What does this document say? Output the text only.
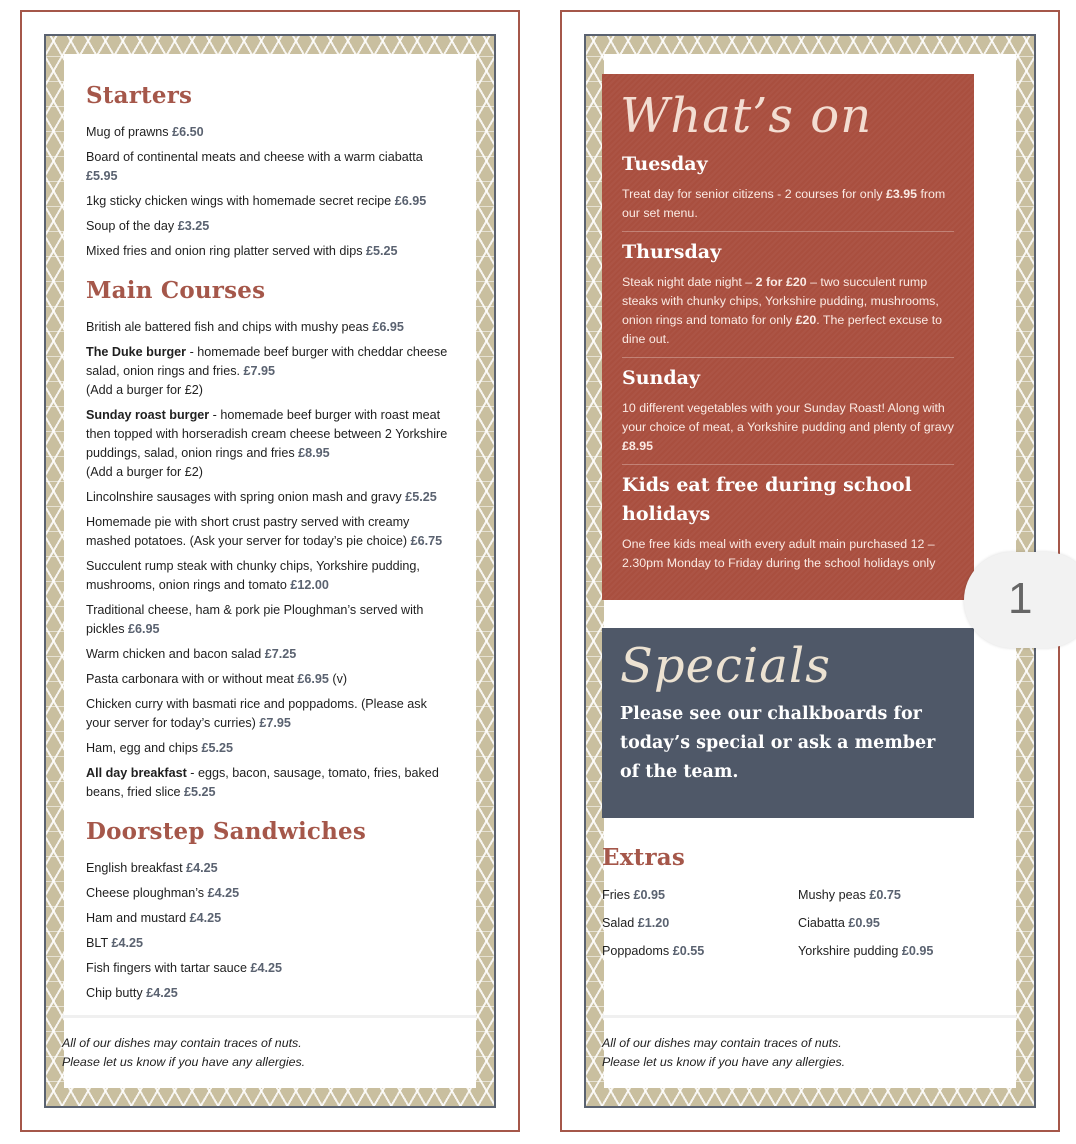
Starters
Mug of prawns £6.50
Board of continental meats and cheese with a warm ciabatta £5.95
1kg sticky chicken wings with homemade secret recipe £6.95
Soup of the day £3.25
Mixed fries and onion ring platter served with dips £5.25
Main Courses
British ale battered fish and chips with mushy peas £6.95
The Duke burger - homemade beef burger with cheddar cheese salad, onion rings and fries. £7.95
(Add a burger for £2)
Sunday roast burger - homemade beef burger with roast meat then topped with horseradish cream cheese between 2 Yorkshire puddings, salad, onion rings and fries £8.95
(Add a burger for £2)
Lincolnshire sausages with spring onion mash and gravy £5.25
Homemade pie with short crust pastry served with creamy mashed potatoes. (Ask your server for today’s pie choice) £6.75
Succulent rump steak with chunky chips, Yorkshire pudding, mushrooms, onion rings and tomato £12.00
Traditional cheese, ham & pork pie Ploughman’s served with pickles £6.95
Warm chicken and bacon salad £7.25
Pasta carbonara with or without meat £6.95 (v)
Chicken curry with basmati rice and poppadoms. (Please ask your server for today’s curries) £7.95
Ham, egg and chips £5.25
All day breakfast - eggs, bacon, sausage, tomato, fries, baked beans, fried slice £5.25
Doorstep Sandwiches
English breakfast £4.25
Cheese ploughman’s £4.25
Ham and mustard £4.25
BLT £4.25
Fish fingers with tartar sauce £4.25
Chip butty £4.25
All of our dishes may contain traces of nuts.
Please let us know if you have any allergies.
What’s on
Tuesday

Treat day for senior citizens - 2 courses for only £3.95 from our set menu.

Thursday

Steak night date night – 2 for £20 – two succulent rump steaks with chunky chips, Yorkshire pudding, mushrooms, onion rings and tomato for only £20. The perfect excuse to dine out.

Sunday

10 different vegetables with your Sunday Roast! Along with your choice of meat, a Yorkshire pudding and plenty of gravy £8.95

Kids eat free during school holidays

One free kids meal with every adult main purchased 12 – 2.30pm Monday to Friday during the school holidays only

Specials

Please see our chalkboards for today’s special or ask a member of the team.

Extras
Fries £0.95	Mushy peas £0.75
Salad £1.20	Ciabatta £0.95
Poppadoms £0.55	Yorkshire pudding £0.95
All of our dishes may contain traces of nuts.
Please let us know if you have any allergies.
1
